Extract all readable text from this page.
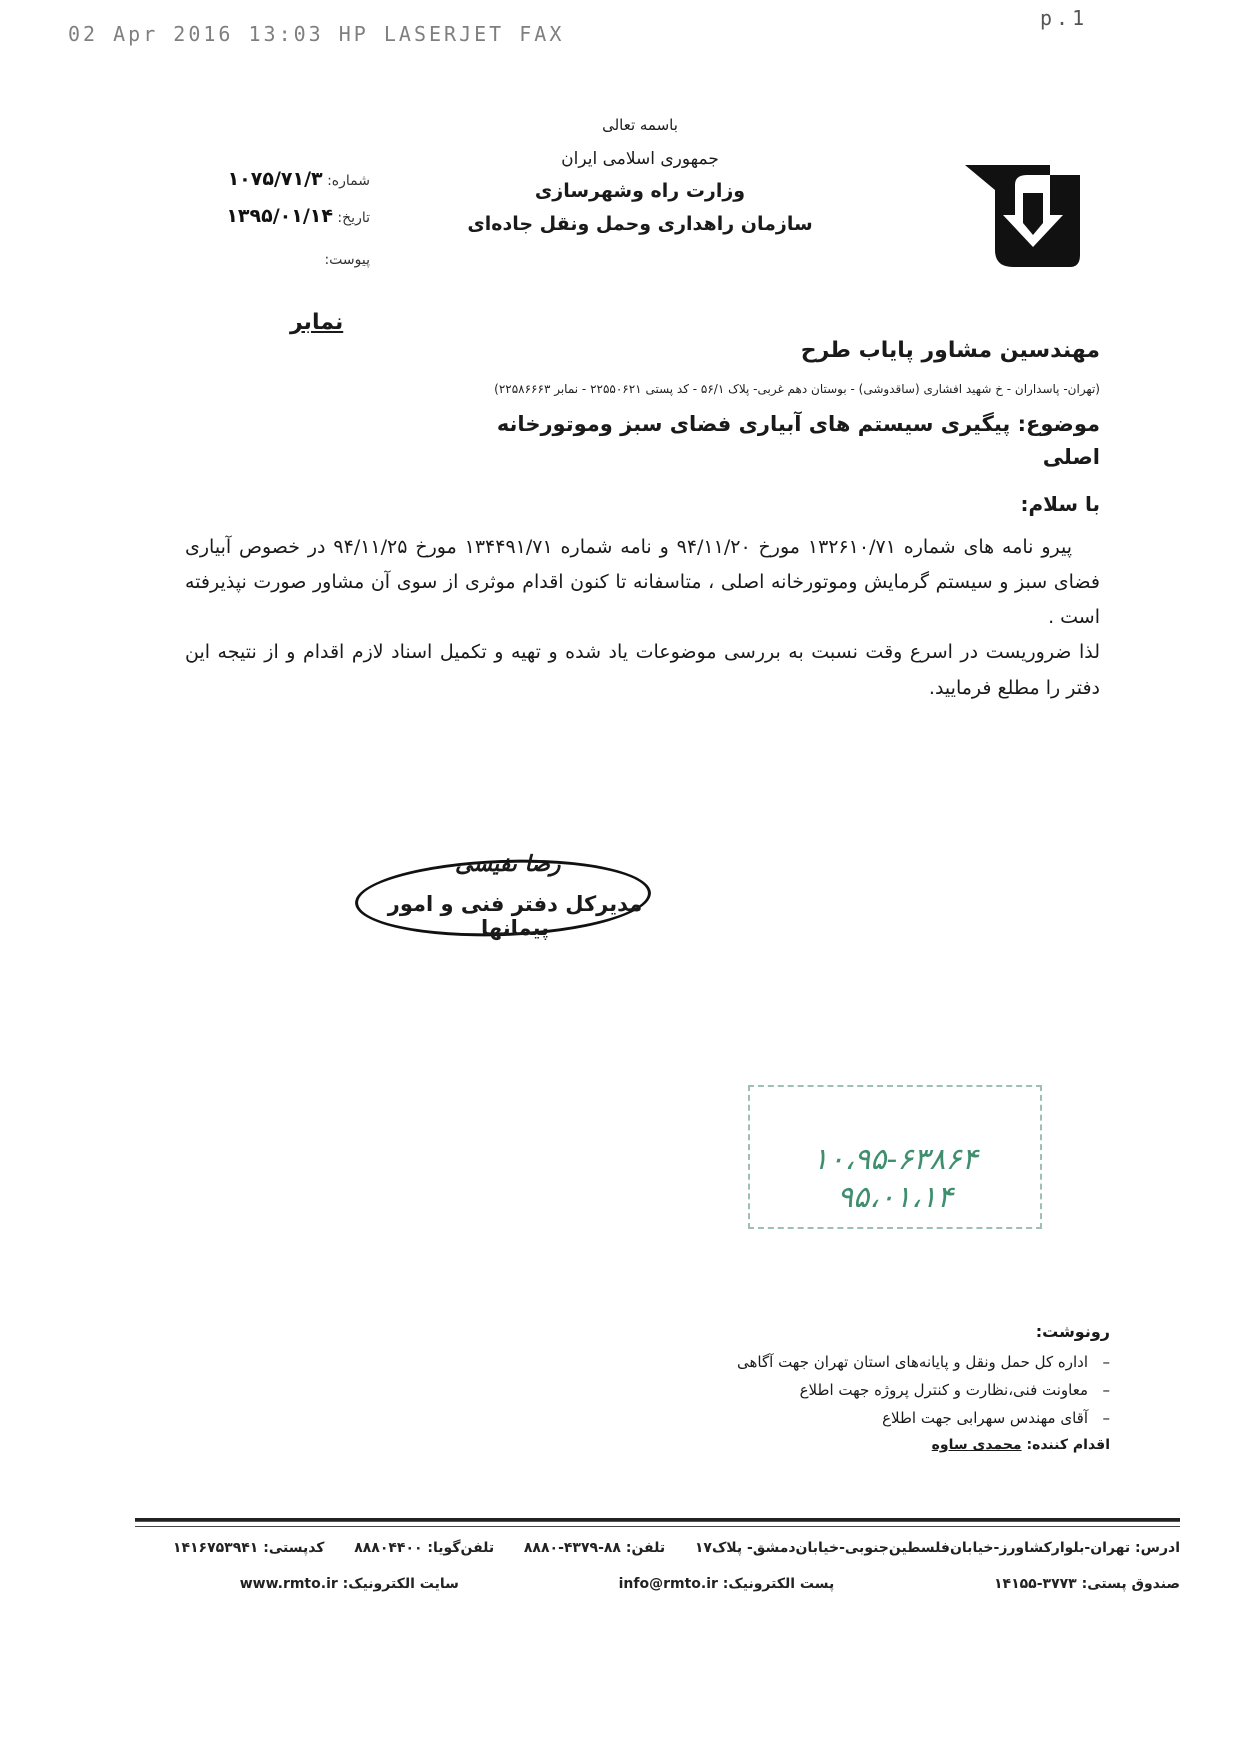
02 Apr 2016 13:03 HP LASERJET FAX
p.1
باسمه تعالی
جمهوری اسلامی ایران
وزارت راه وشهرسازی
سازمان راهداری وحمل ونقل جاده‌ای
شماره: ۱۰۷۵/۷۱/۳
تاریخ: ۱۳۹۵/۰۱/۱۴
پیوست:
نمابر
مهندسین مشاور پایاب طرح
(تهران- پاسداران - خ شهید افشاری (ساقدوشی) - بوستان دهم غربی- پلاک ۵۶/۱ - کد پستی ۲۲۵۵۰۶۲۱ - نمابر ۲۲۵۸۶۶۶۳)
موضوع: پیگیری سیستم های آبیاری فضای سبز وموتورخانه اصلی
با سلام:

پیرو نامه های شماره ۱۳۲۶۱۰/۷۱ مورخ ۹۴/۱۱/۲۰ و نامه شماره ۱۳۴۴۹۱/۷۱ مورخ ۹۴/۱۱/۲۵ در خصوص آبیاری فضای سبز و سیستم گرمایش وموتورخانه اصلی ، متاسفانه تا کنون اقدام موثری از سوی آن مشاور صورت نپذیرفته است .

لذا ضروریست در اسرع وقت نسبت به بررسی موضوعات یاد شده و تهیه و تکمیل اسناد لازم اقدام و از نتیجه این دفتر را مطلع فرمایید.

رضا نفیسی
مدیرکل دفتر فنی و امور پیمانها
۱۰،۹۵-۶۳۸۶۴
۹۵،۰۱،۱۴
رونوشت:
–اداره کل حمل ونقل و پایانه‌های استان تهران جهت آگاهی
–معاونت فنی،نظارت و کنترل پروژه جهت اطلاع
–آقای مهندس سهرابی جهت اطلاع
اقدام کننده: محمدی ساوه
ادرس: تهران-بلوارکشاورز-خیابان‌فلسطین‌جنوبی-خیابان‌دمشق- پلاک۱۷  تلفن: ۸۸-۴۳۷۹-۸۸۸۰  تلفن‌گویا: ۸۸۸۰۴۴۰۰  کدپستی: ۱۴۱۶۷۵۳۹۴۱
صندوق پستی: ۳۷۷۳-۱۴۱۵۵  پست الکترونیک: info@rmto.ir  سایت الکترونیک: www.rmto.ir
